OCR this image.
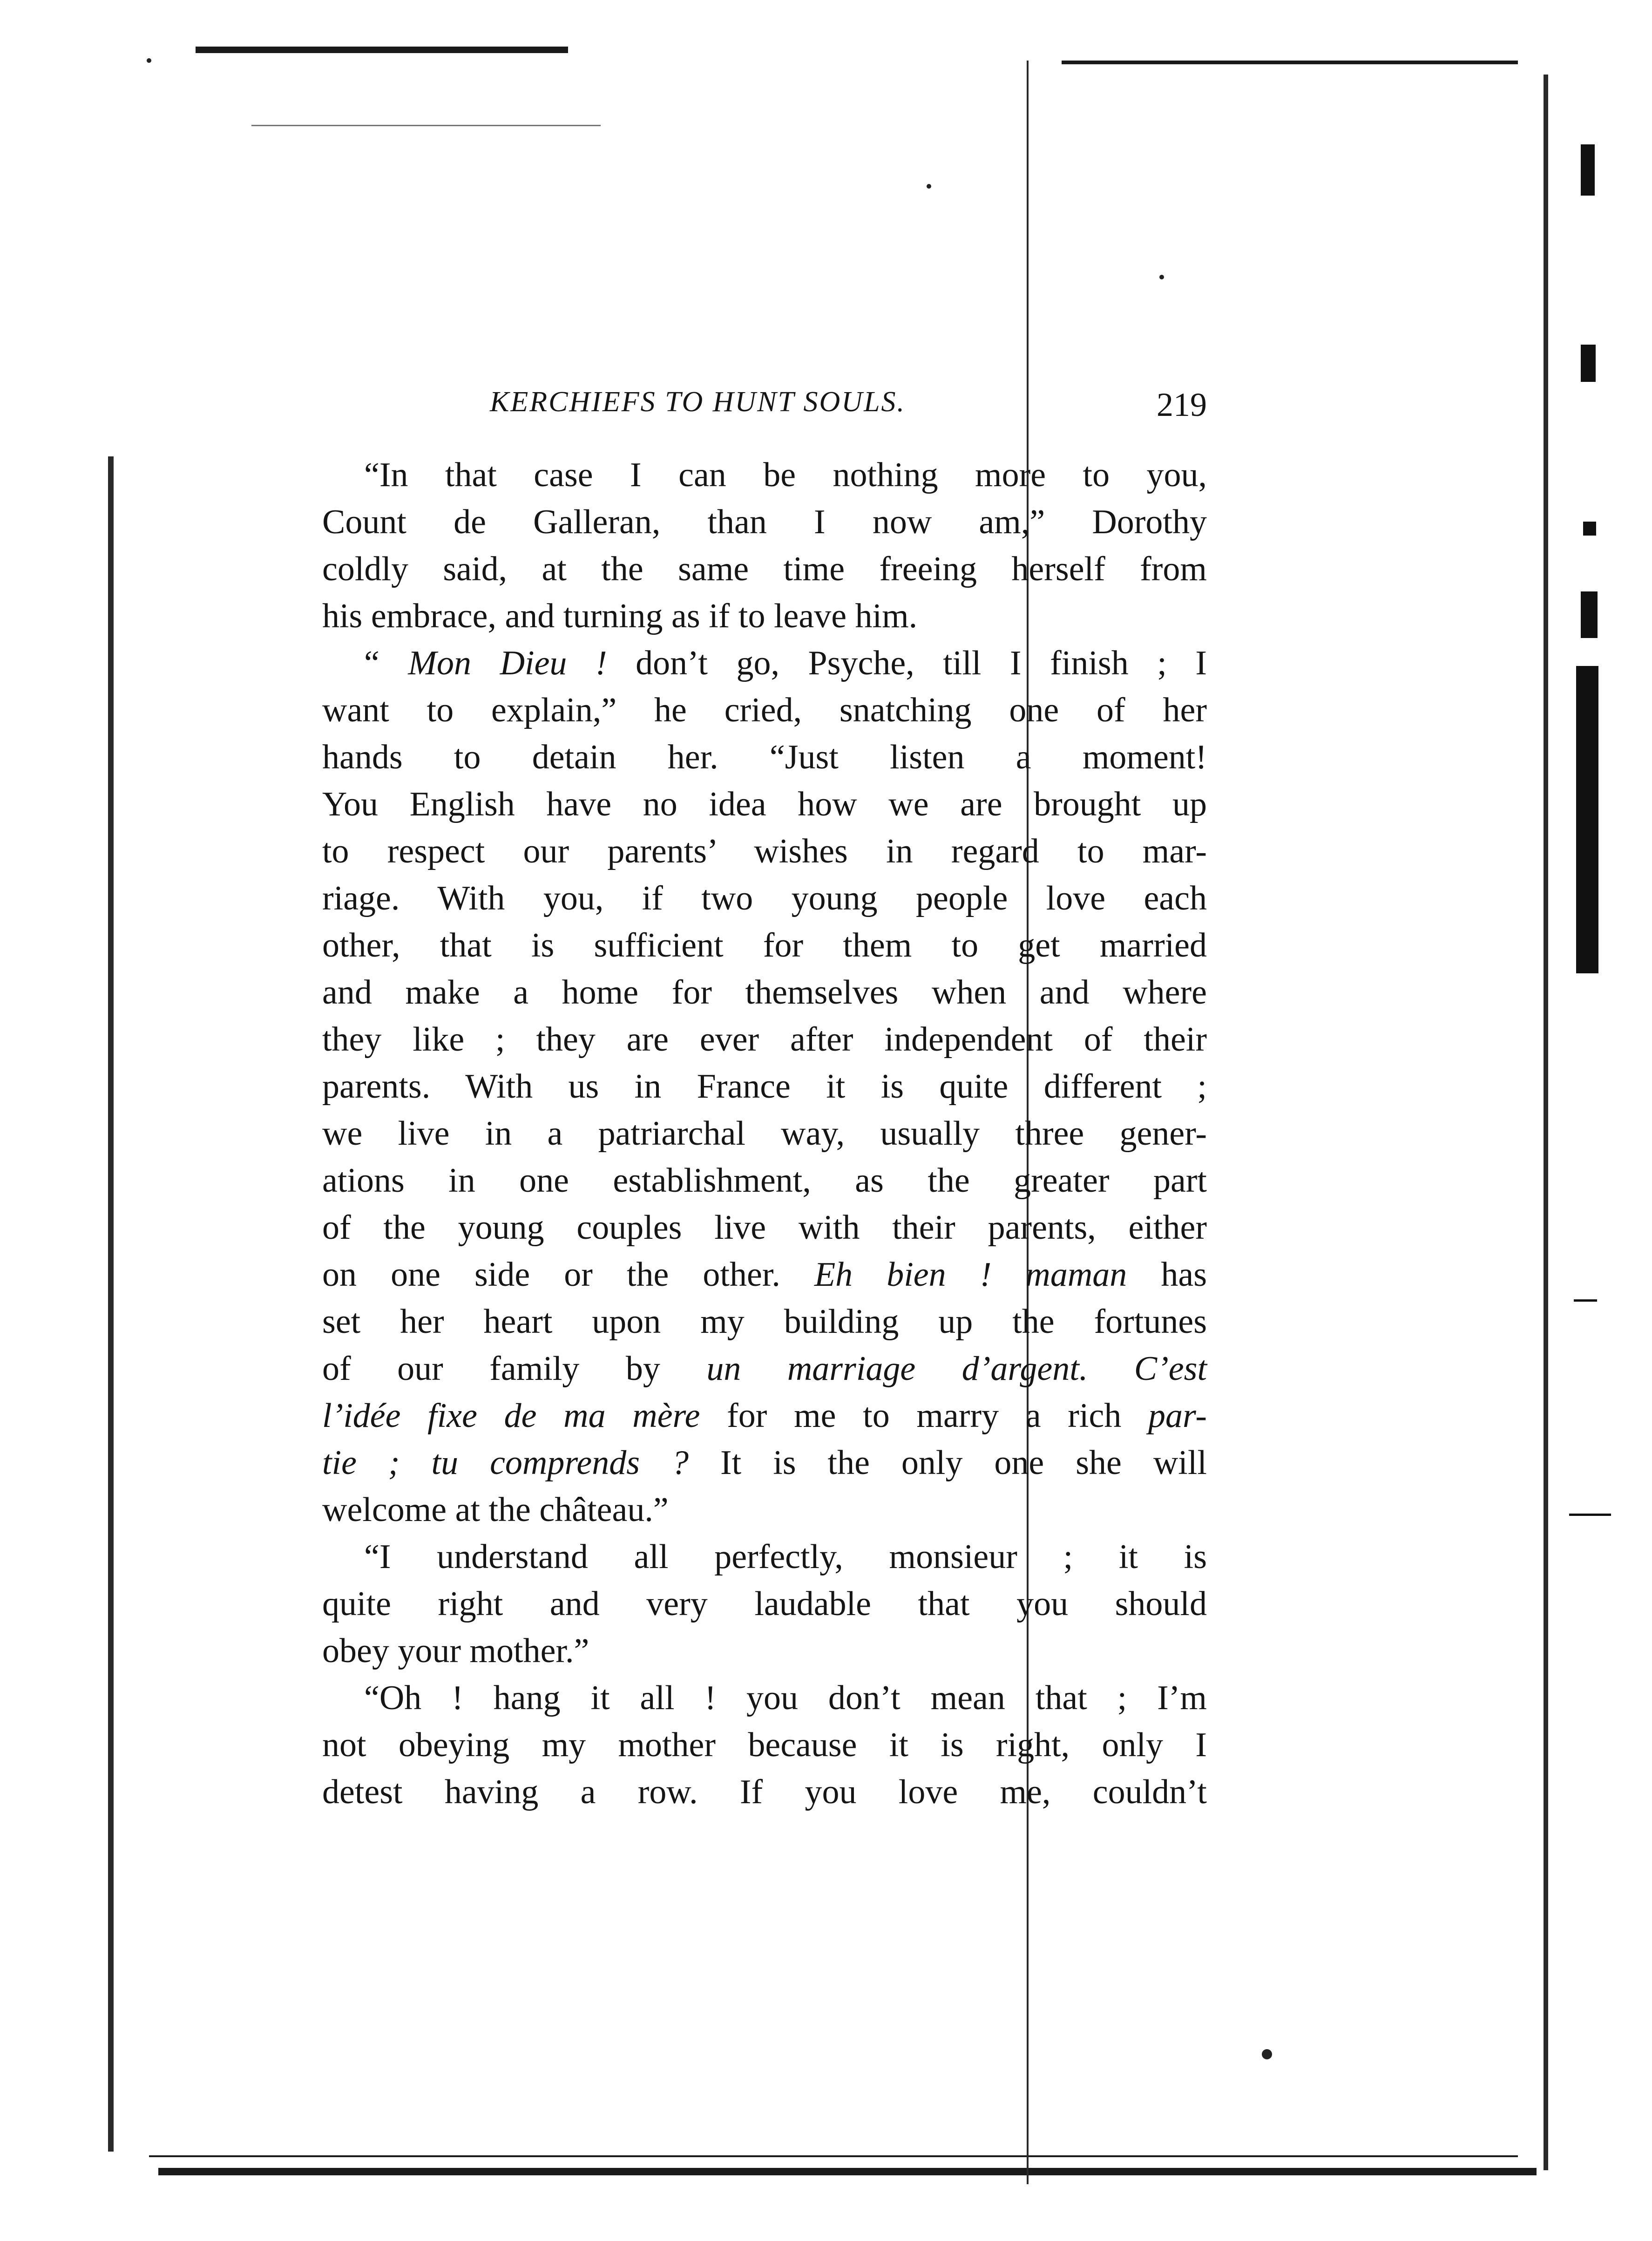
KERCHIEFS TO HUNT SOULS.	219
“In that case I can be nothing more to you,
Count de Galleran, than I now am,” Dorothy
coldly said, at the same time freeing herself from
his embrace, and turning as if to leave him.
“ Mon Dieu ! don’t go, Psyche, till I finish ; I
want to explain,” he cried, snatching one of her
hands to detain her. “Just listen a moment!
You English have no idea how we are brought up
to respect our parents’ wishes in regard to mar-
riage. With you, if two young people love each
other, that is sufficient for them to get married
and make a home for themselves when and where
they like ; they are ever after independent of their
parents. With us in France it is quite different ;
we live in a patriarchal way, usually three gener-
ations in one establishment, as the greater part
of the young couples live with their parents, either
on one side or the other. Eh bien ! maman has
set her heart upon my building up the fortunes
of our family by un marriage d’argent. C’est
l’idée fixe de ma mère for me to marry a rich par-
tie ; tu comprends ? It is the only one she will
welcome at the château.”
“I understand all perfectly, monsieur ; it is
quite right and very laudable that you should
obey your mother.”
“Oh ! hang it all ! you don’t mean that ; I’m
not obeying my mother because it is right, only I
detest having a row. If you love me, couldn’t
